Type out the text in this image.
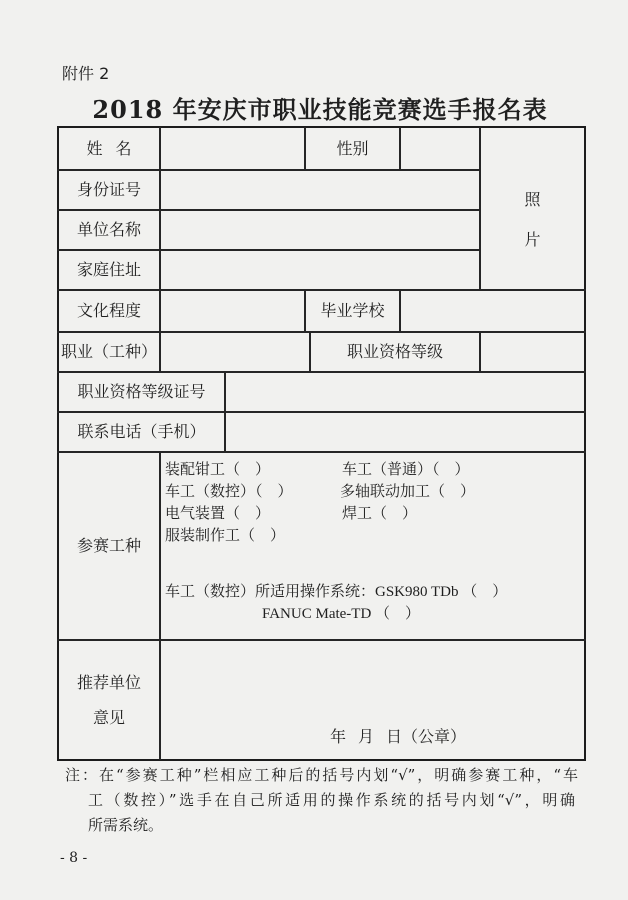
附件 2
2018 年安庆市职业技能竞赛选手报名表
姓 名	性别
照
片
身份证号
单位名称
家庭住址
文化程度	毕业学校
职业（工种）	职业资格等级
职业资格等级证号
联系电话（手机）
参赛工种
装配钳工（    ）	车工（普通）（    ）
车工（数控）（    ）	多轴联动加工（    ）
电气装置（    ）	焊工（    ）
服装制作工（    ）
车工（数控）所适用操作系统：GSK980 TDb （    ）
FANUC Mate-TD （    ）
推荐单位
意见
年   月   日（公章）
注：在“参赛工种”栏相应工种后的括号内划“√”，明确参赛工种，“车
工（数控）”选手在自己所适用的操作系统的括号内划“√”，明确
所需系统。
- 8 -
